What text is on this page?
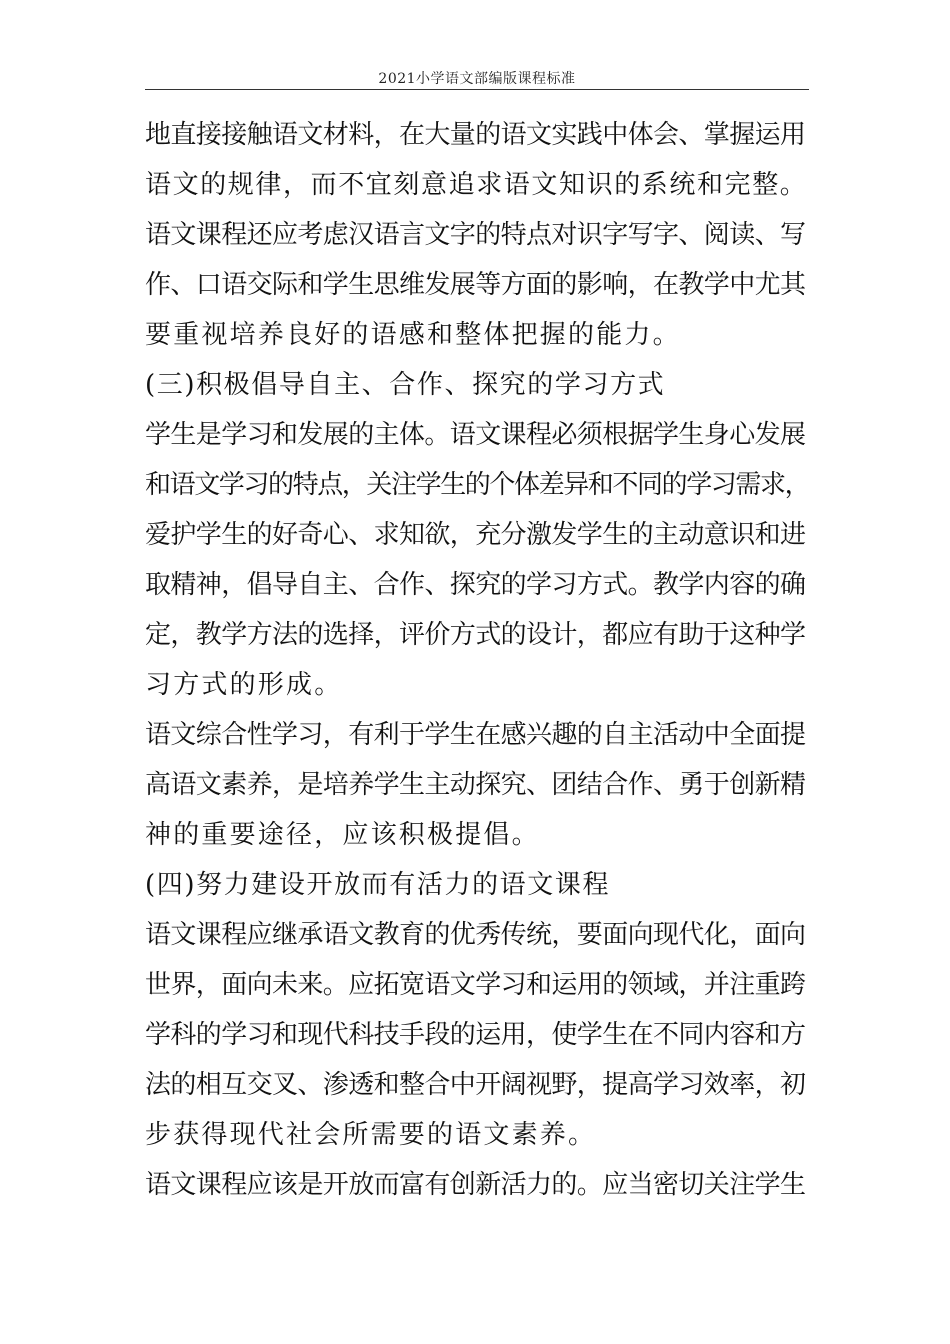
2021小学语文部编版课程标准
地直接接触语文材料，在大量的语文实践中体会、掌握运用
语文的规律，而不宜刻意追求语文知识的系统和完整。
语文课程还应考虑汉语言文字的特点对识字写字、阅读、写
作、口语交际和学生思维发展等方面的影响，在教学中尤其
要重视培养良好的语感和整体把握的能力。
(三)积极倡导自主、合作、探究的学习方式
学生是学习和发展的主体。语文课程必须根据学生身心发展
和语文学习的特点，关注学生的个体差异和不同的学习需求，
爱护学生的好奇心、求知欲，充分激发学生的主动意识和进
取精神，倡导自主、合作、探究的学习方式。教学内容的确
定，教学方法的选择，评价方式的设计，都应有助于这种学
习方式的形成。
语文综合性学习，有利于学生在感兴趣的自主活动中全面提
高语文素养，是培养学生主动探究、团结合作、勇于创新精
神的重要途径，应该积极提倡。
(四)努力建设开放而有活力的语文课程
语文课程应继承语文教育的优秀传统，要面向现代化，面向
世界，面向未来。应拓宽语文学习和运用的领域，并注重跨
学科的学习和现代科技手段的运用，使学生在不同内容和方
法的相互交叉、渗透和整合中开阔视野，提高学习效率，初
步获得现代社会所需要的语文素养。
语文课程应该是开放而富有创新活力的。应当密切关注学生
